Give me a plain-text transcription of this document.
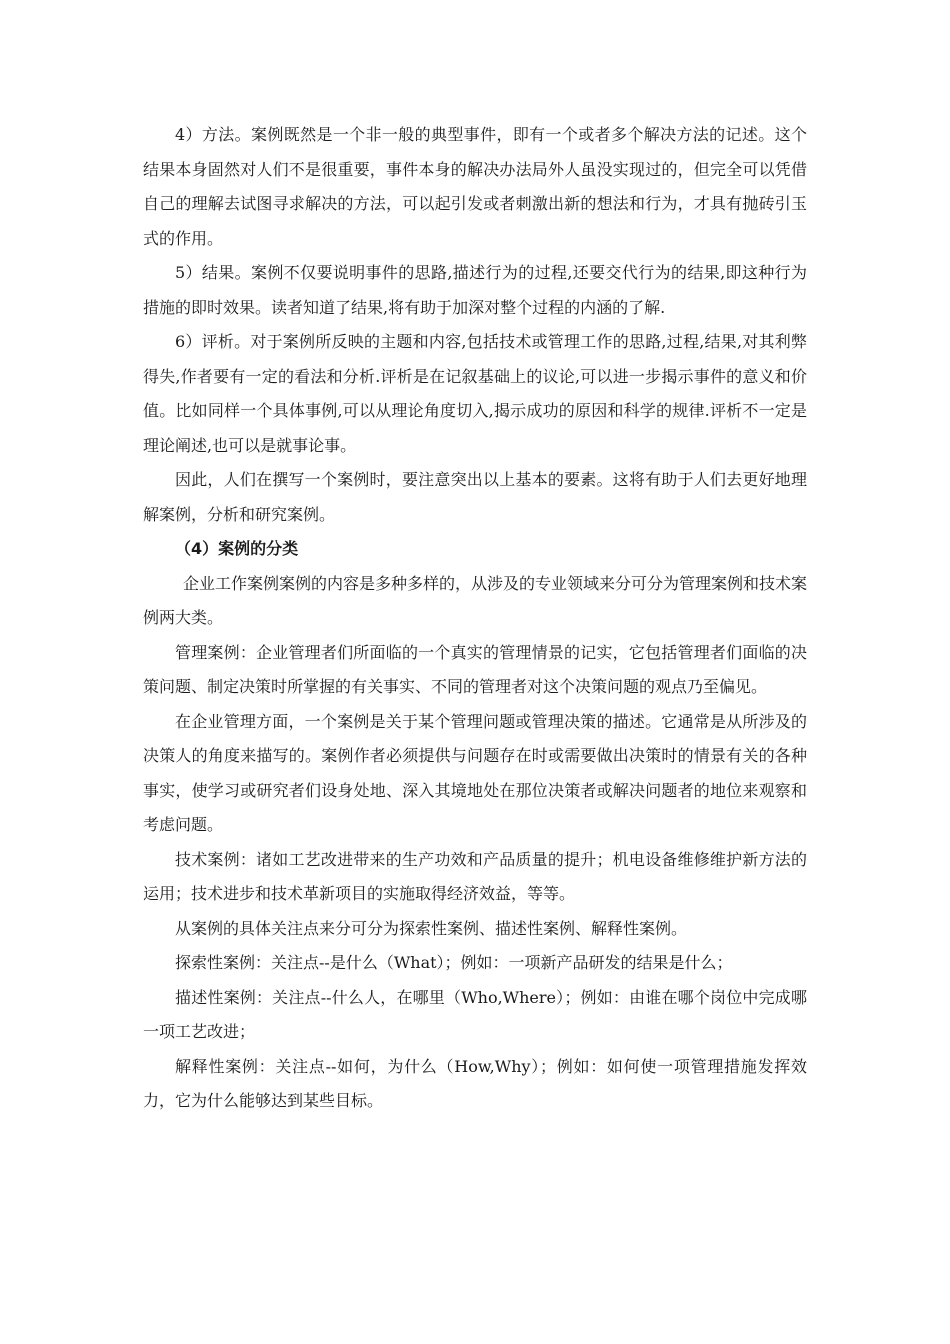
4）方法。案例既然是一个非一般的典型事件，即有一个或者多个解决方法的记述。这个结果本身固然对人们不是很重要，事件本身的解决办法局外人虽没实现过的，但完全可以凭借自己的理解去试图寻求解决的方法，可以起引发或者刺激出新的想法和行为，才具有抛砖引玉式的作用。

5）结果。案例不仅要说明事件的思路,描述行为的过程,还要交代行为的结果,即这种行为措施的即时效果。读者知道了结果,将有助于加深对整个过程的内涵的了解.

6）评析。对于案例所反映的主题和内容,包括技术或管理工作的思路,过程,结果,对其利弊得失,作者要有一定的看法和分析.评析是在记叙基础上的议论,可以进一步揭示事件的意义和价值。比如同样一个具体事例,可以从理论角度切入,揭示成功的原因和科学的规律.评析不一定是理论阐述,也可以是就事论事。

因此，人们在撰写一个案例时，要注意突出以上基本的要素。这将有助于人们去更好地理解案例，分析和研究案例。

（4）案例的分类

企业工作案例案例的内容是多种多样的，从涉及的专业领域来分可分为管理案例和技术案例两大类。

管理案例：企业管理者们所面临的一个真实的管理情景的记实，它包括管理者们面临的决策问题、制定决策时所掌握的有关事实、不同的管理者对这个决策问题的观点乃至偏见。

在企业管理方面，一个案例是关于某个管理问题或管理决策的描述。它通常是从所涉及的决策人的角度来描写的。案例作者必须提供与问题存在时或需要做出决策时的情景有关的各种事实，使学习或研究者们设身处地、深入其境地处在那位决策者或解决问题者的地位来观察和考虑问题。

技术案例：诸如工艺改进带来的生产功效和产品质量的提升；机电设备维修维护新方法的运用；技术进步和技术革新项目的实施取得经济效益，等等。

从案例的具体关注点来分可分为探索性案例、描述性案例、解释性案例。

探索性案例：关注点--是什么（What）；例如：一项新产品研发的结果是什么；

描述性案例：关注点--什么人，在哪里（Who,Where）；例如：由谁在哪个岗位中完成哪一项工艺改进；

解释性案例：关注点--如何，为什么（How,Why）；例如：如何使一项管理措施发挥效力，它为什么能够达到某些目标。
